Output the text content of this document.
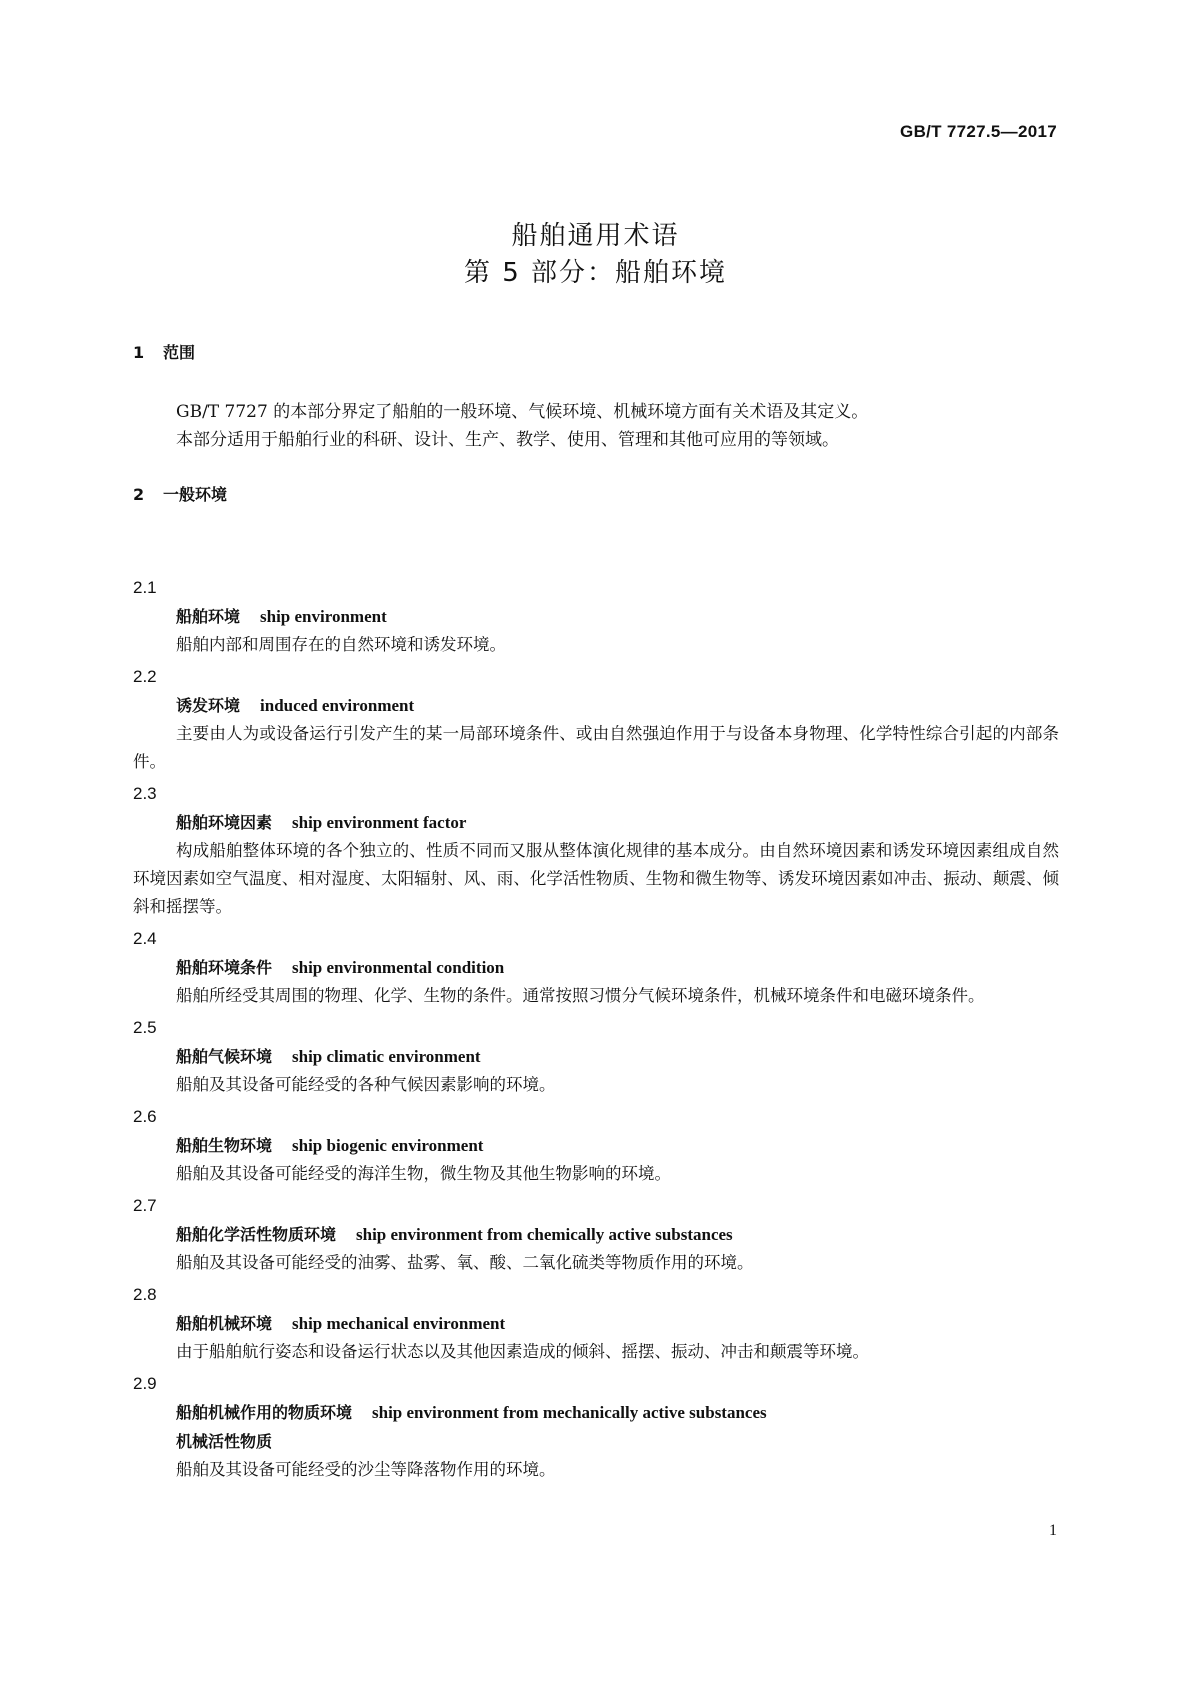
GB/T 7727.5—2017
船舶通用术语
第 5 部分：船舶环境
1 范围
GB/T 7727 的本部分界定了船舶的一般环境、气候环境、机械环境方面有关术语及其定义。
本部分适用于船舶行业的科研、设计、生产、教学、使用、管理和其他可应用的等领域。
2 一般环境
2.1
船舶环境 ship environment
船舶内部和周围存在的自然环境和诱发环境。
2.2
诱发环境 induced environment
主要由人为或设备运行引发产生的某一局部环境条件、或由自然强迫作用于与设备本身物理、化学特性综合引起的内部条件。
2.3
船舶环境因素 ship environment factor
构成船舶整体环境的各个独立的、性质不同而又服从整体演化规律的基本成分。由自然环境因素和诱发环境因素组成自然环境因素如空气温度、相对湿度、太阳辐射、风、雨、化学活性物质、生物和微生物等、诱发环境因素如冲击、振动、颠震、倾斜和摇摆等。
2.4
船舶环境条件 ship environmental condition
船舶所经受其周围的物理、化学、生物的条件。通常按照习惯分气候环境条件，机械环境条件和电磁环境条件。
2.5
船舶气候环境 ship climatic environment
船舶及其设备可能经受的各种气候因素影响的环境。
2.6
船舶生物环境 ship biogenic environment
船舶及其设备可能经受的海洋生物，微生物及其他生物影响的环境。
2.7
船舶化学活性物质环境 ship environment from chemically active substances
船舶及其设备可能经受的油雾、盐雾、氧、酸、二氧化硫类等物质作用的环境。
2.8
船舶机械环境 ship mechanical environment
由于船舶航行姿态和设备运行状态以及其他因素造成的倾斜、摇摆、振动、冲击和颠震等环境。
2.9
船舶机械作用的物质环境 ship environment from mechanically active substances
机械活性物质
船舶及其设备可能经受的沙尘等降落物作用的环境。
1
